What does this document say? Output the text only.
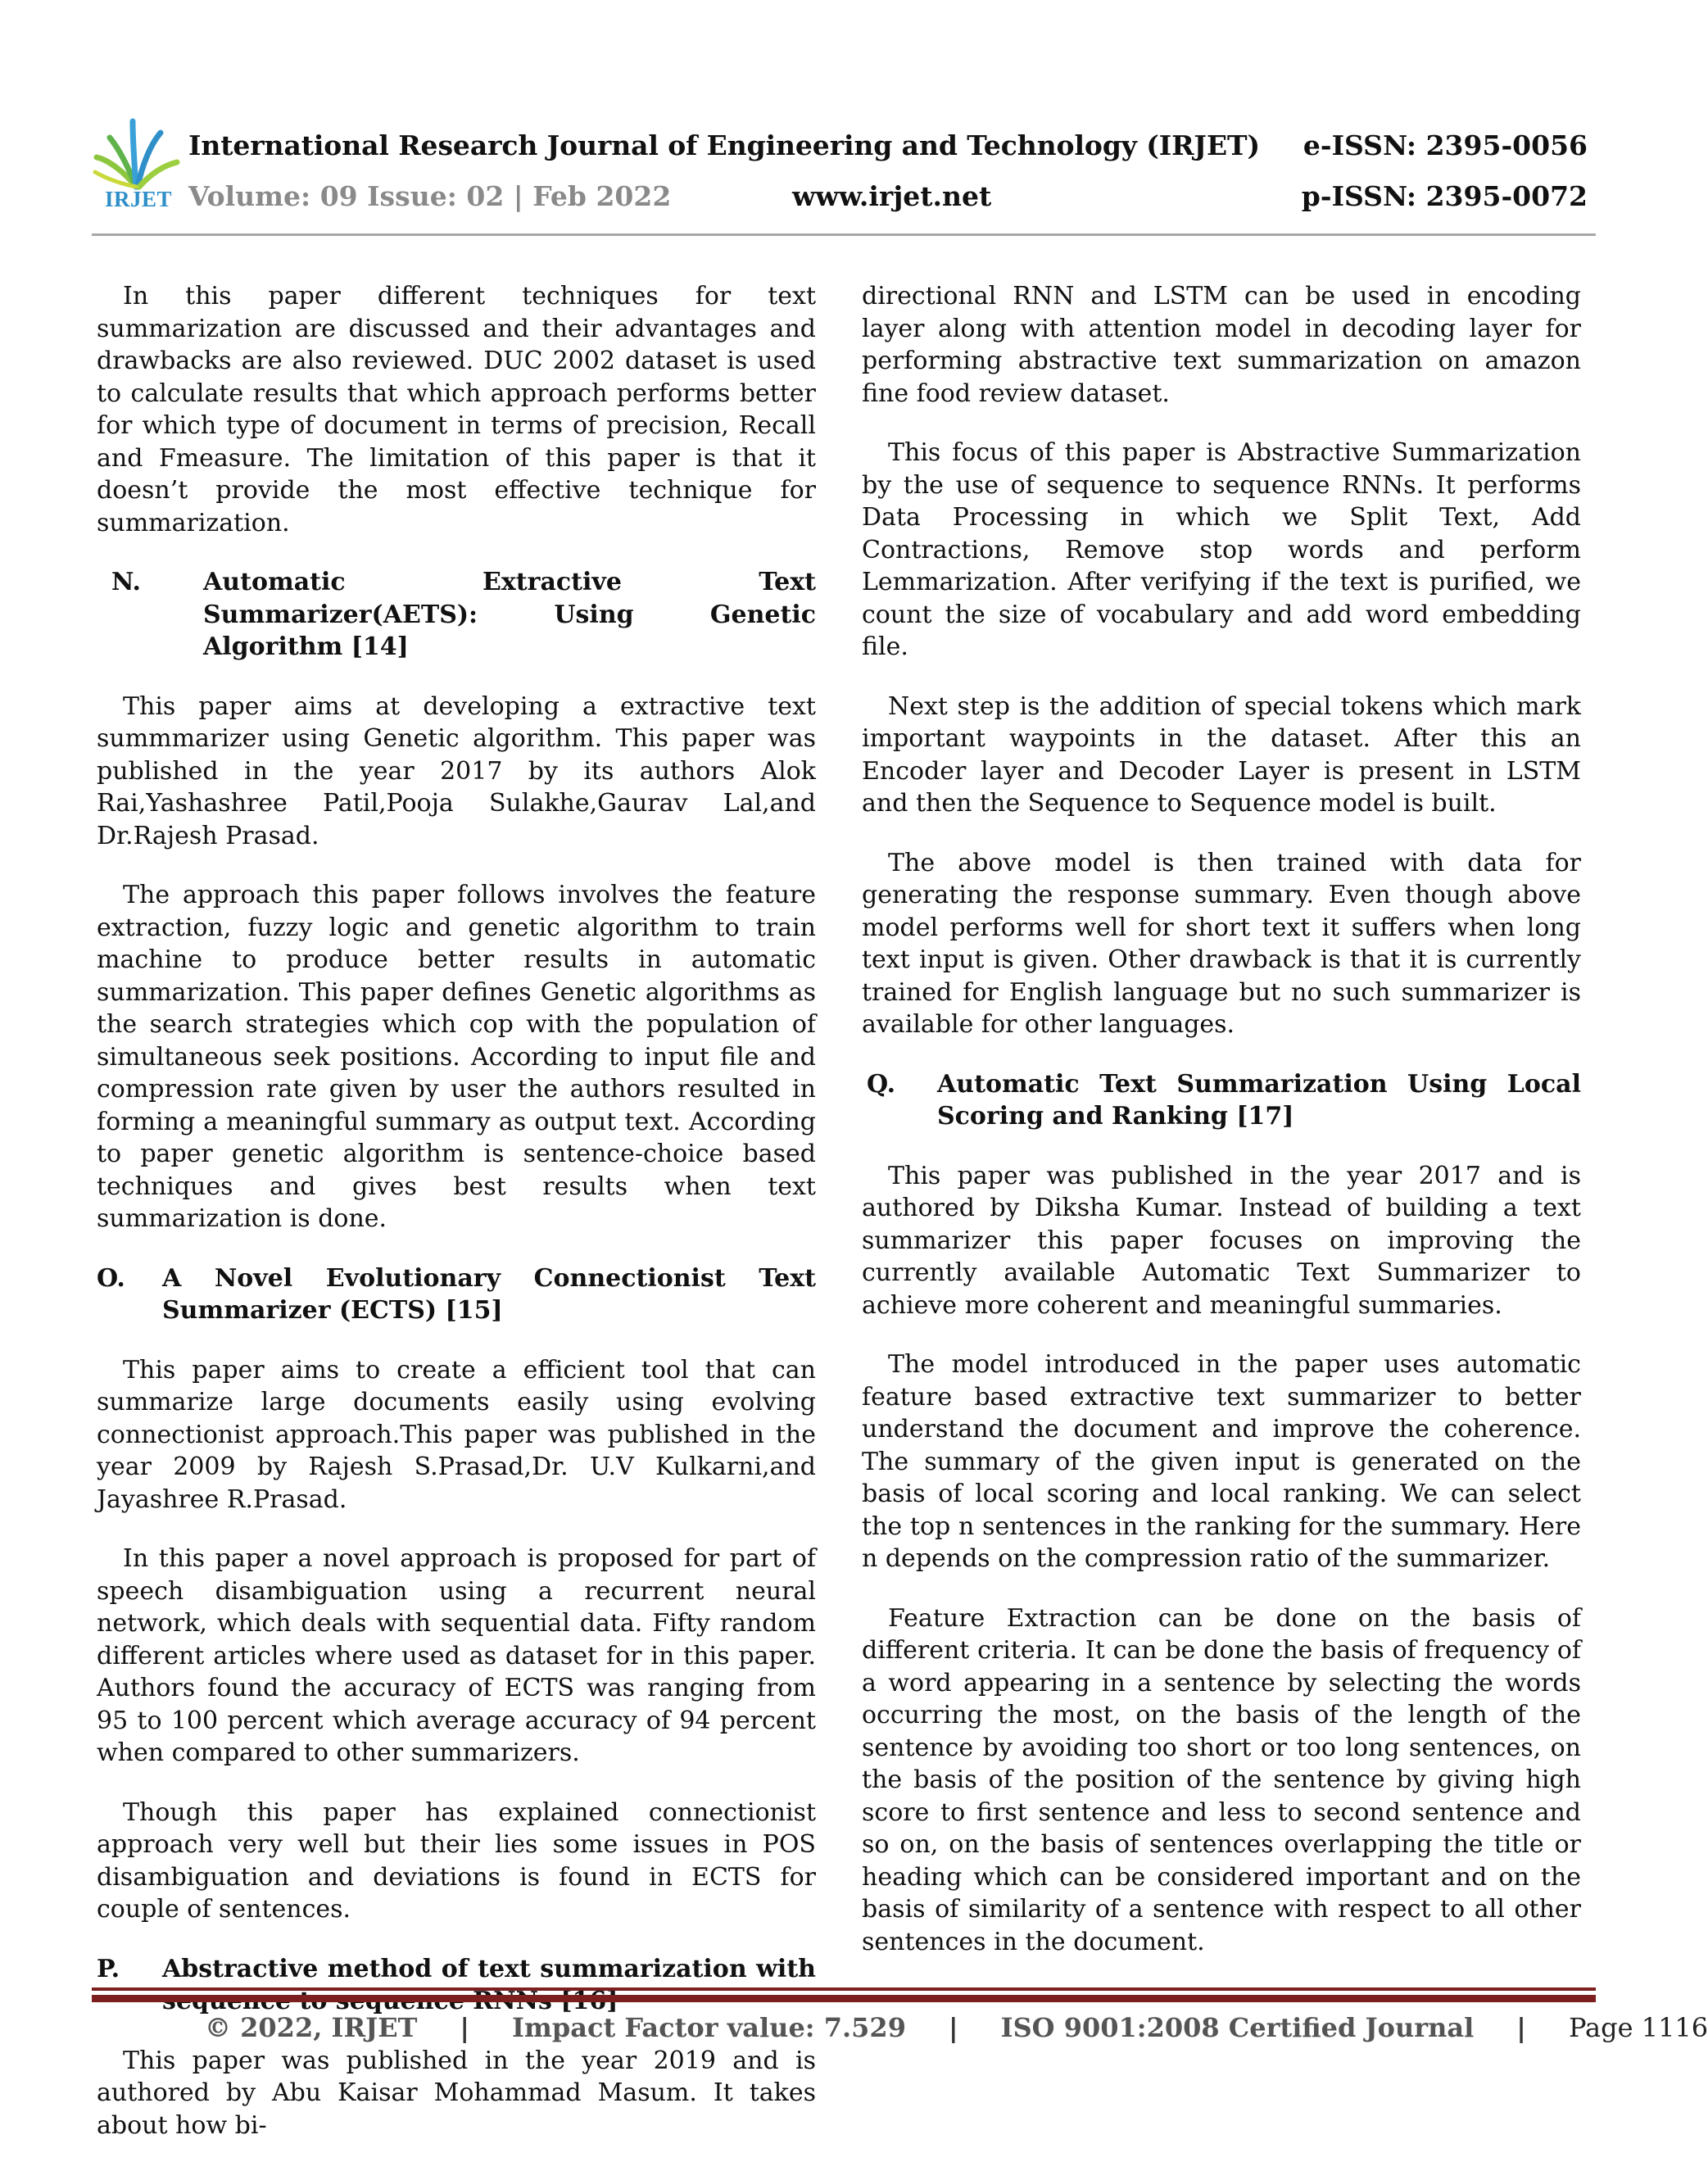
IRJET
International Research Journal of Engineering and Technology (IRJET)
Volume: 09 Issue: 02 | Feb 2022	www.irjet.net
e-ISSN: 2395-0056
p-ISSN: 2395-0072

In this paper different techniques for text summarization are discussed and their advantages and drawbacks are also reviewed. DUC 2002 dataset is used to calculate results that which approach performs better for which type of document in terms of precision, Recall and Fmeasure. The limitation of this paper is that it doesn’t provide the most effective technique for summarization.

N.	Automatic Extractive Text Summarizer(AETS): Using Genetic Algorithm [14]

This paper aims at developing a extractive text summmarizer using Genetic algorithm. This paper was published in the year 2017 by its authors Alok Rai,Yashashree Patil,Pooja Sulakhe,Gaurav Lal,and Dr.Rajesh Prasad.

The approach this paper follows involves the feature extraction, fuzzy logic and genetic algorithm to train machine to produce better results in automatic summarization. This paper defines Genetic algorithms as the search strategies which cop with the population of simultaneous seek positions. According to input file and compression rate given by user the authors resulted in forming a meaningful summary as output text. According to paper genetic algorithm is sentence-choice based techniques and gives best results when text summarization is done.

O.	A Novel Evolutionary Connectionist Text Summarizer (ECTS) [15]

This paper aims to create a efficient tool that can summarize large documents easily using evolving connectionist approach.This paper was published in the year 2009 by Rajesh S.Prasad,Dr. U.V Kulkarni,and Jayashree R.Prasad.

In this paper a novel approach is proposed for part of speech disambiguation using a recurrent neural network, which deals with sequential data. Fifty random different articles where used as dataset for in this paper. Authors found the accuracy of ECTS was ranging from 95 to 100 percent which average accuracy of 94 percent when compared to other summarizers.

Though this paper has explained connectionist approach very well but their lies some issues in POS disambiguation and deviations is found in ECTS for couple of sentences.

P.	Abstractive method of text summarization with

This paper was published in the year 2019 and is authored by Abu Kaisar Mohammad Masum. It takes about how bi-

directional RNN and LSTM can be used in encoding layer along with attention model in decoding layer for performing abstractive text summarization on amazon fine food review dataset.

This focus of this paper is Abstractive Summarization by the use of sequence to sequence RNNs. It performs Data Processing in which we Split Text, Add Contractions, Remove stop words and perform Lemmarization. After verifying if the text is purified, we count the size of vocabulary and add word embedding file.

Next step is the addition of special tokens which mark important waypoints in the dataset. After this an Encoder layer and Decoder Layer is present in LSTM and then the Sequence to Sequence model is built.

The above model is then trained with data for generating the response summary. Even though above model performs well for short text it suffers when long text input is given. Other drawback is that it is currently trained for English language but no such summarizer is available for other languages.

Q.	Automatic Text Summarization Using Local Scoring and Ranking [17]

This paper was published in the year 2017 and is authored by Diksha Kumar. Instead of building a text summarizer this paper focuses on improving the currently available Automatic Text Summarizer to achieve more coherent and meaningful summaries.

The model introduced in the paper uses automatic feature based extractive text summarizer to better understand the document and improve the coherence. The summary of the given input is generated on the basis of local scoring and local ranking. We can select the top n sentences in the ranking for the summary. Here n depends on the compression ratio of the summarizer.

Feature Extraction can be done on the basis of different criteria. It can be done the basis of frequency of a word appearing in a sentence by selecting the words occurring the most, on the basis of the length of the sentence by avoiding too short or too long sentences, on the basis of the position of the sentence by giving high score to first sentence and less to second sentence and so on, on the basis of sentences overlapping the title or heading which can be considered important and on the basis of similarity of a sentence with respect to all other sentences in the document.

© 2022, IRJET | Impact Factor value: 7.529 | ISO 9001:2008 Certified Journal | Page 1116
